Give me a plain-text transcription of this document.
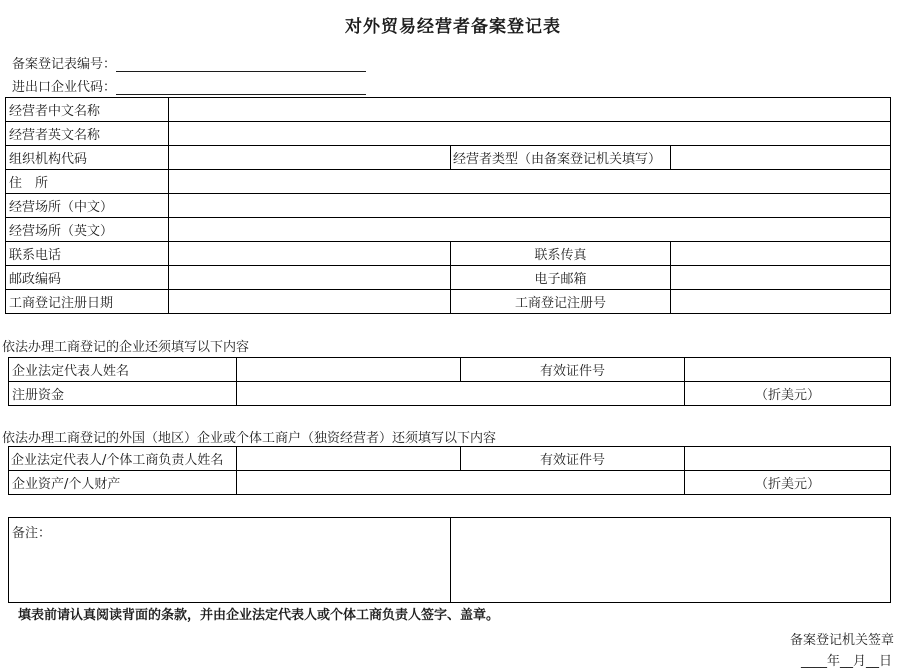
对外贸易经营者备案登记表
备案登记表编号：
进出口企业代码：
经营者中文名称			
经营者英文名称			
组织机构代码		经营者类型（由备案登记机关填写）	
住　所			
经营场所（中文）			
经营场所（英文）			
联系电话		联系传真	
邮政编码		电子邮箱	
工商登记注册日期		工商登记注册号	
依法办理工商登记的企业还须填写以下内容
企业法定代表人姓名		有效证件号	
注册资金			（折美元）
依法办理工商登记的外国（地区）企业或个体工商户（独资经营者）还须填写以下内容
企业法定代表人/个体工商负责人姓名		有效证件号	
企业资产/个人财产			（折美元）
备注：	
填表前请认真阅读背面的条款，并由企业法定代表人或个体工商负责人签字、盖章。
备案登记机关签章
____年__月__日
